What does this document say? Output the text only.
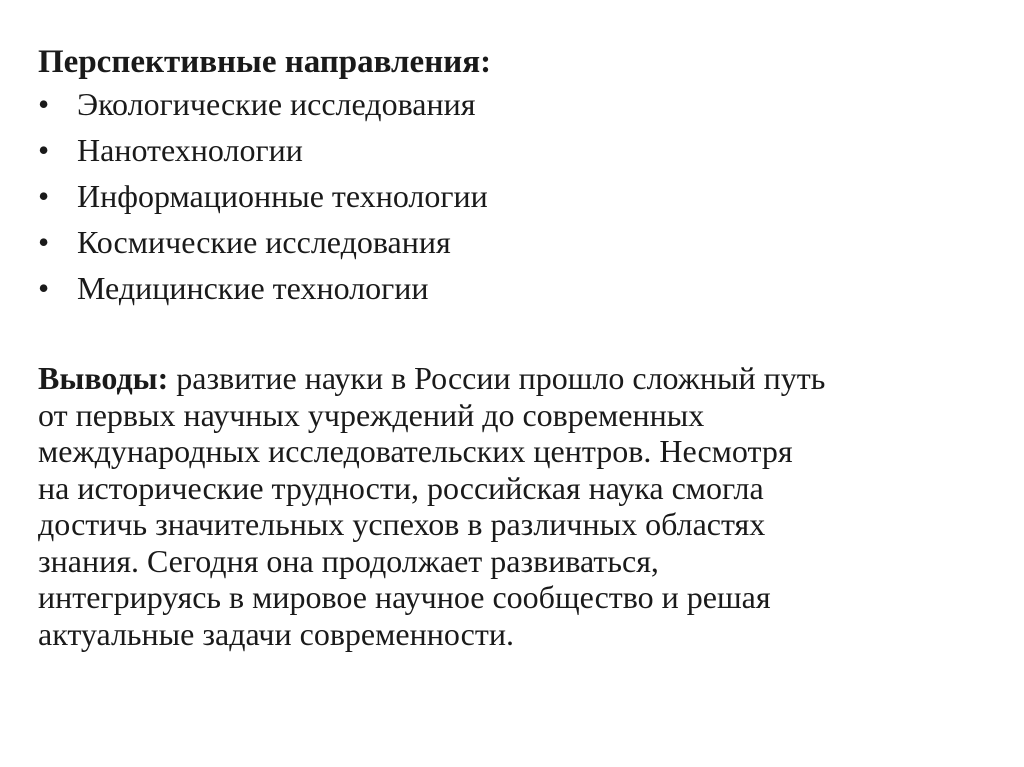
Перспективные направления:
• Экологические исследования
• Нанотехнологии
• Информационные технологии
• Космические исследования
• Медицинские технологии

Выводы: развитие науки в России прошло сложный путь
от первых научных учреждений до современных
международных исследовательских центров. Несмотря
на исторические трудности, российская наука смогла
достичь значительных успехов в различных областях
знания. Сегодня она продолжает развиваться,
интегрируясь в мировое научное сообщество и решая
актуальные задачи современности.
